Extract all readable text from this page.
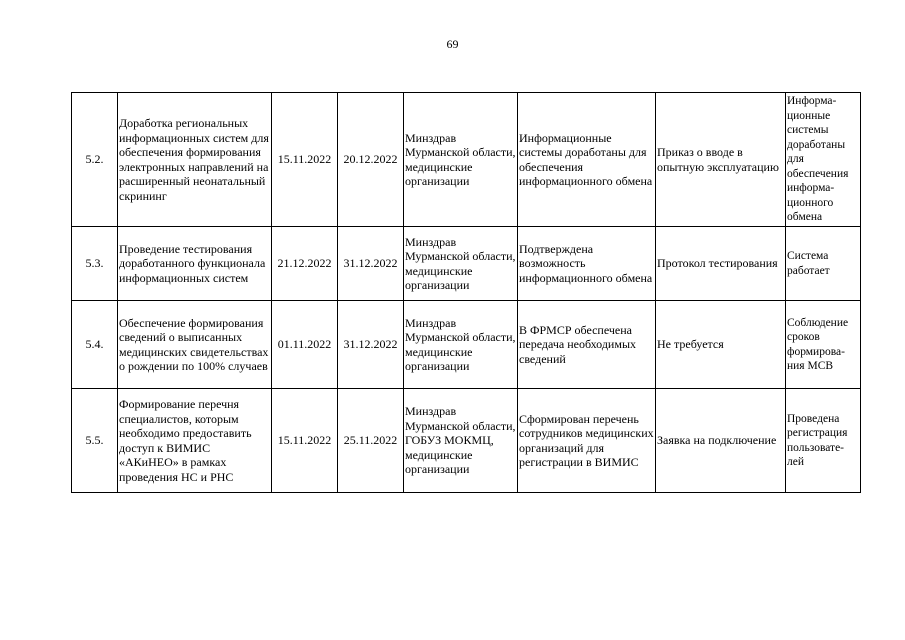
69
5.2.	Доработка региональных информационных систем для обеспечения формирования электронных направлений на расширенный неонатальный скрининг	15.11.2022	20.12.2022	Минздрав Мурманской области, медицинские организации	Информационные системы доработаны для обеспечения информационного обмена	Приказ о вводе в опытную эксплуатацию	Информа- ционные системы доработаны для обеспечения информа- ционного обмена
5.3.	Проведение тестирования доработанного функционала информационных систем	21.12.2022	31.12.2022	Минздрав Мурманской области, медицинские организации	Подтверждена возможность информационного обмена	Протокол тестирования	Система работает
5.4.	Обеспечение формирования сведений о выписанных медицинских свидетельствах о рождении по 100% случаев	01.11.2022	31.12.2022	Минздрав Мурманской области, медицинские организации	В ФРМСР обеспечена передача необходимых сведений	Не требуется	Соблюдение сроков формирова- ния МСВ
5.5.	Формирование перечня специалистов, которым необходимо предоставить доступ к ВИМИС «АКиНЕО» в рамках проведения НС и РНС	15.11.2022	25.11.2022	Минздрав Мурманской области, ГОБУЗ МОКМЦ, медицинские организации	Сформирован перечень сотрудников медицинских организаций для регистрации в ВИМИС	Заявка на подключение	Проведена регистрация пользовате- лей
